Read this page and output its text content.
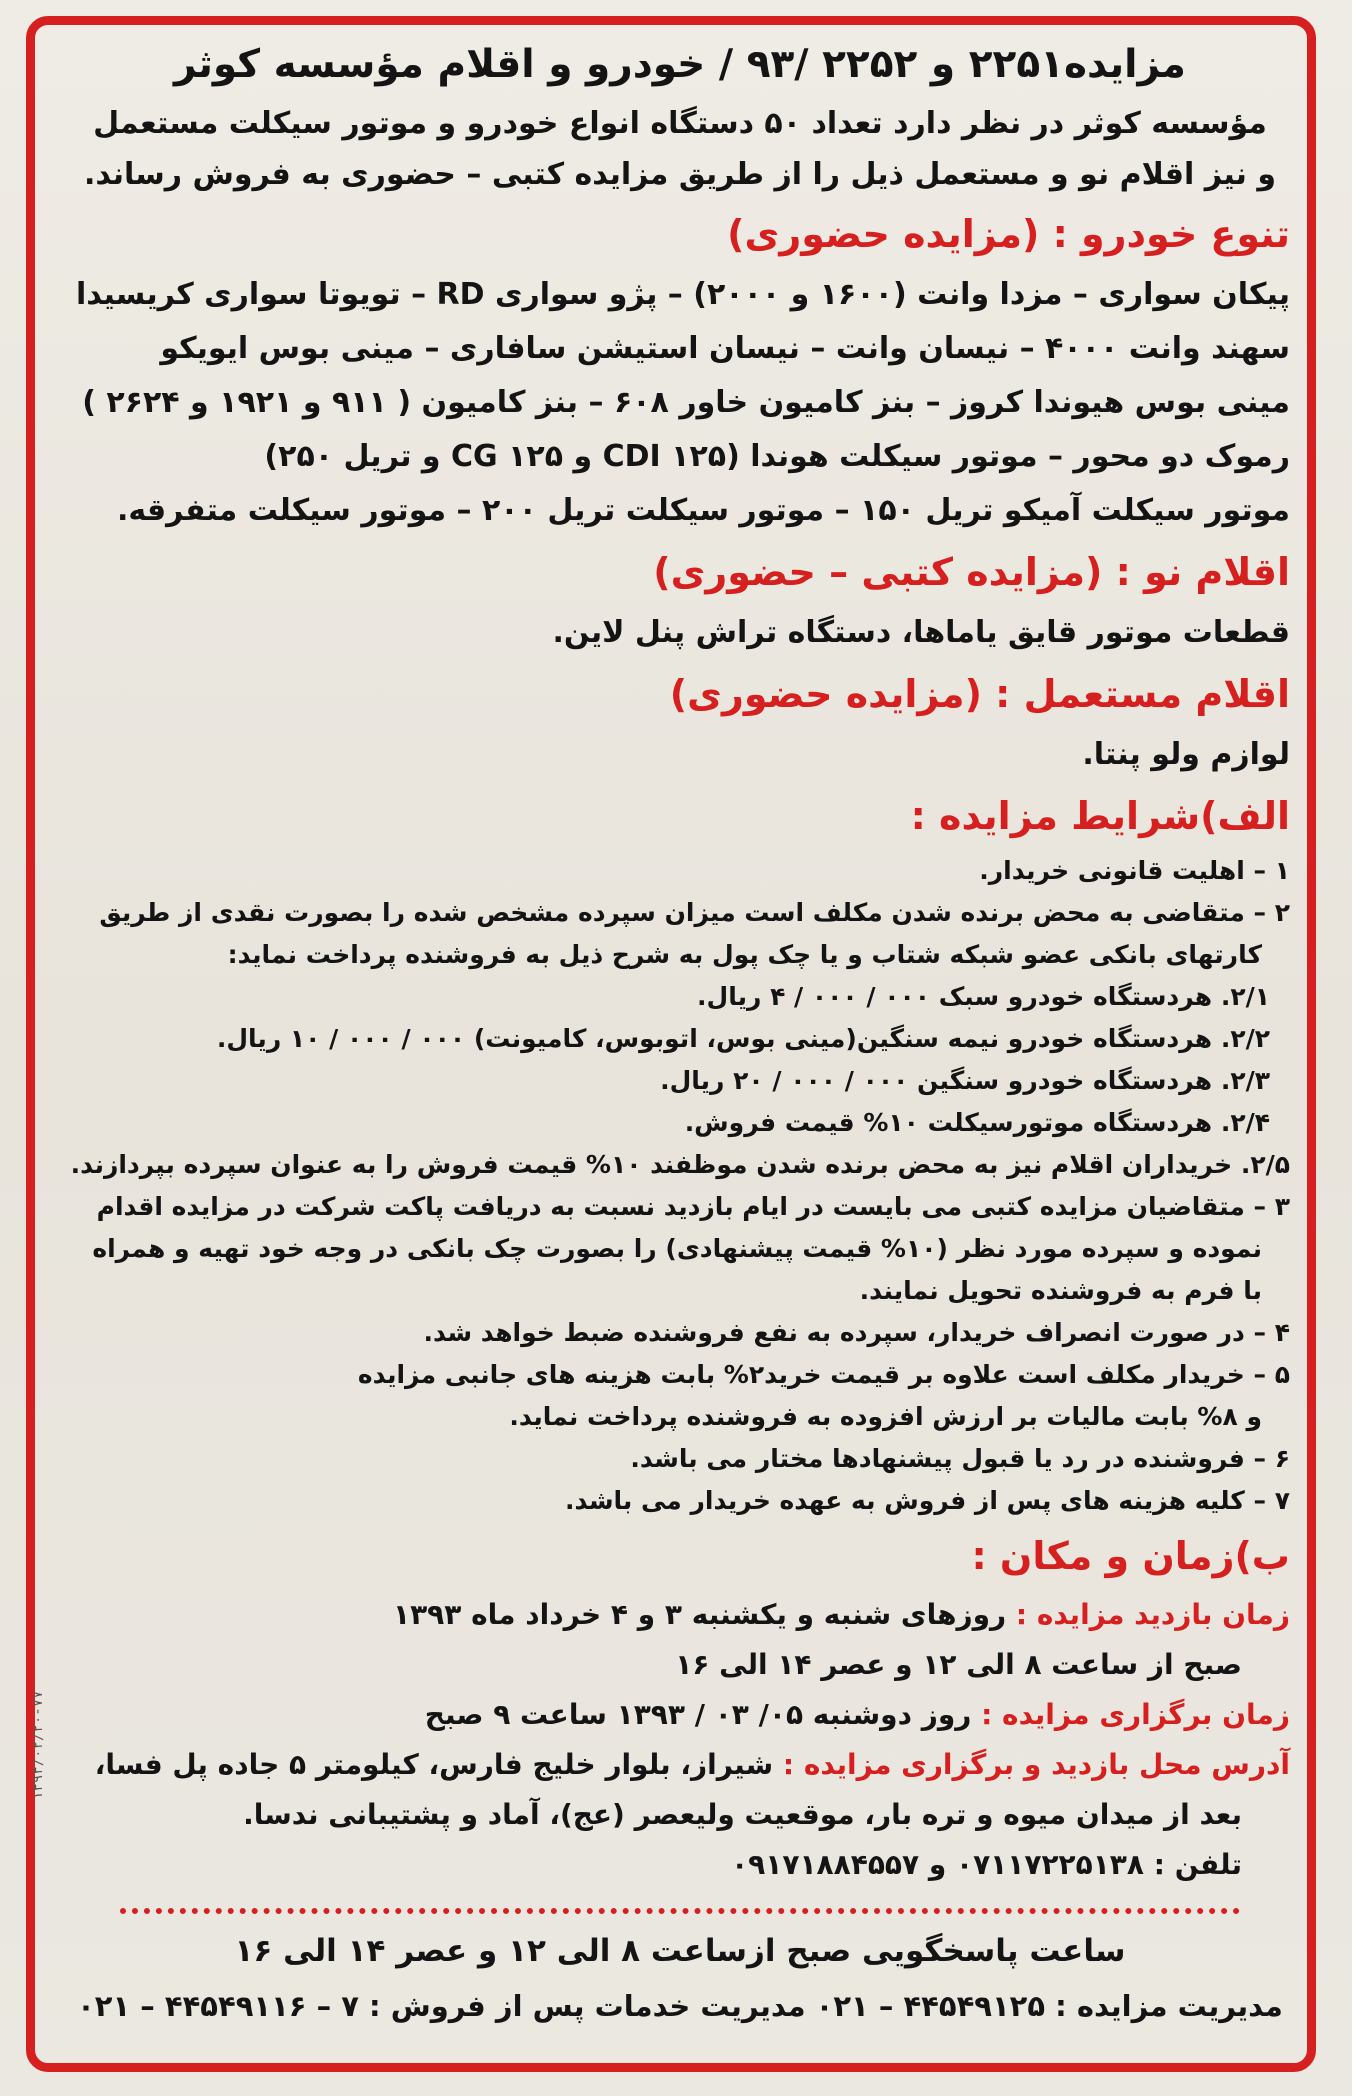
۱۳۹۳/۰۲/۲۰-۷۷
مزایده۲۲۵۱ و ۲۲۵۲ /۹۳ / خودرو و اقلام مؤسسه کوثر

مؤسسه کوثر در نظر دارد تعداد ۵۰ دستگاه انواع خودرو و موتور سیکلت مستعمل

و نیز اقلام نو و مستعمل ذیل را از طریق مزایده کتبی – حضوری به فروش رساند.

تنوع خودرو : (مزایده حضوری)

پیکان سواری – مزدا وانت (۱۶۰۰ و ۲۰۰۰) – پژو سواری RD – تویوتا سواری کریسیدا

سهند وانت ۴۰۰۰ – نیسان وانت – نیسان استیشن سافاری – مینی بوس ایویکو

مینی بوس هیوندا کروز – بنز کامیون خاور ۶۰۸ – بنز کامیون ( ۹۱۱ و ۱۹۲۱ و ۲۶۲۴ )

رموک دو محور – موتور سیکلت هوندا (CDI ۱۲۵ و CG ۱۲۵ و تریل ۲۵۰)

موتور سیکلت آمیکو تریل ۱۵۰ – موتور سیکلت تریل ۲۰۰ – موتور سیکلت متفرقه.

اقلام نو : (مزایده کتبی – حضوری)

قطعات موتور قایق یاماها، دستگاه تراش پنل لاین.

اقلام مستعمل : (مزایده حضوری)

لوازم ولو پنتا.

الف)شرایط مزایده :

۱ – اهلیت قانونی خریدار.

۲ – متقاضی به محض برنده شدن مکلف است میزان سپرده مشخص شده را بصورت نقدی از طریق

کارتهای بانکی عضو شبکه شتاب و یا چک پول به شرح ذیل به فروشنده پرداخت نماید:

۲/۱. هردستگاه خودرو سبک ۰۰۰ / ۰۰۰ / ۴ ریال.

۲/۲. هردستگاه خودرو نیمه سنگین(مینی بوس، اتوبوس، کامیونت) ۰۰۰ / ۰۰۰ / ۱۰ ریال.

۲/۳. هردستگاه خودرو سنگین ۰۰۰ / ۰۰۰ / ۲۰ ریال.

۲/۴. هردستگاه موتورسیکلت ۱۰% قیمت فروش.

۲/۵. خریداران اقلام نیز به محض برنده شدن موظفند ۱۰% قیمت فروش را به عنوان سپرده بپردازند.

۳ – متقاضیان مزایده کتبی می بایست در ایام بازدید نسبت به دریافت پاکت شرکت در مزایده اقدام

نموده و سپرده مورد نظر (۱۰% قیمت پیشنهادی) را بصورت چک بانکی در وجه خود تهیه و همراه

با فرم به فروشنده تحویل نمایند.

۴ – در صورت انصراف خریدار، سپرده به نفع فروشنده ضبط خواهد شد.

۵ – خریدار مکلف است علاوه بر قیمت خرید۲% بابت هزینه های جانبی مزایده

و ۸% بابت مالیات بر ارزش افزوده به فروشنده پرداخت نماید.

۶ – فروشنده در رد یا قبول پیشنهادها مختار می باشد.

۷ – کلیه هزینه های پس از فروش به عهده خریدار می باشد.

ب)زمان و مکان :

زمان بازدید مزایده : روزهای شنبه و یکشنبه ۳ و ۴ خرداد ماه ۱۳۹۳

صبح از ساعت ۸ الی ۱۲ و عصر ۱۴ الی ۱۶

زمان برگزاری مزایده : روز دوشنبه ۰۵/ ۰۳ / ۱۳۹۳ ساعت ۹ صبح

آدرس محل بازدید و برگزاری مزایده : شیراز، بلوار خلیج فارس، کیلومتر ۵ جاده پل فسا،

بعد از میدان میوه و تره بار، موقعیت ولیعصر (عج)، آماد و پشتیبانی ندسا.

تلفن : ۰۷۱۱۷۲۲۵۱۳۸ و ۰۹۱۷۱۸۸۴۵۵۷

ساعت پاسخگویی صبح ازساعت ۸ الی ۱۲ و عصر ۱۴ الی ۱۶

مدیریت مزایده : ۴۴۵۴۹۱۲۵ – ۰۲۱ مدیریت خدمات پس از فروش : ۷ – ۴۴۵۴۹۱۱۶ – ۰۲۱
